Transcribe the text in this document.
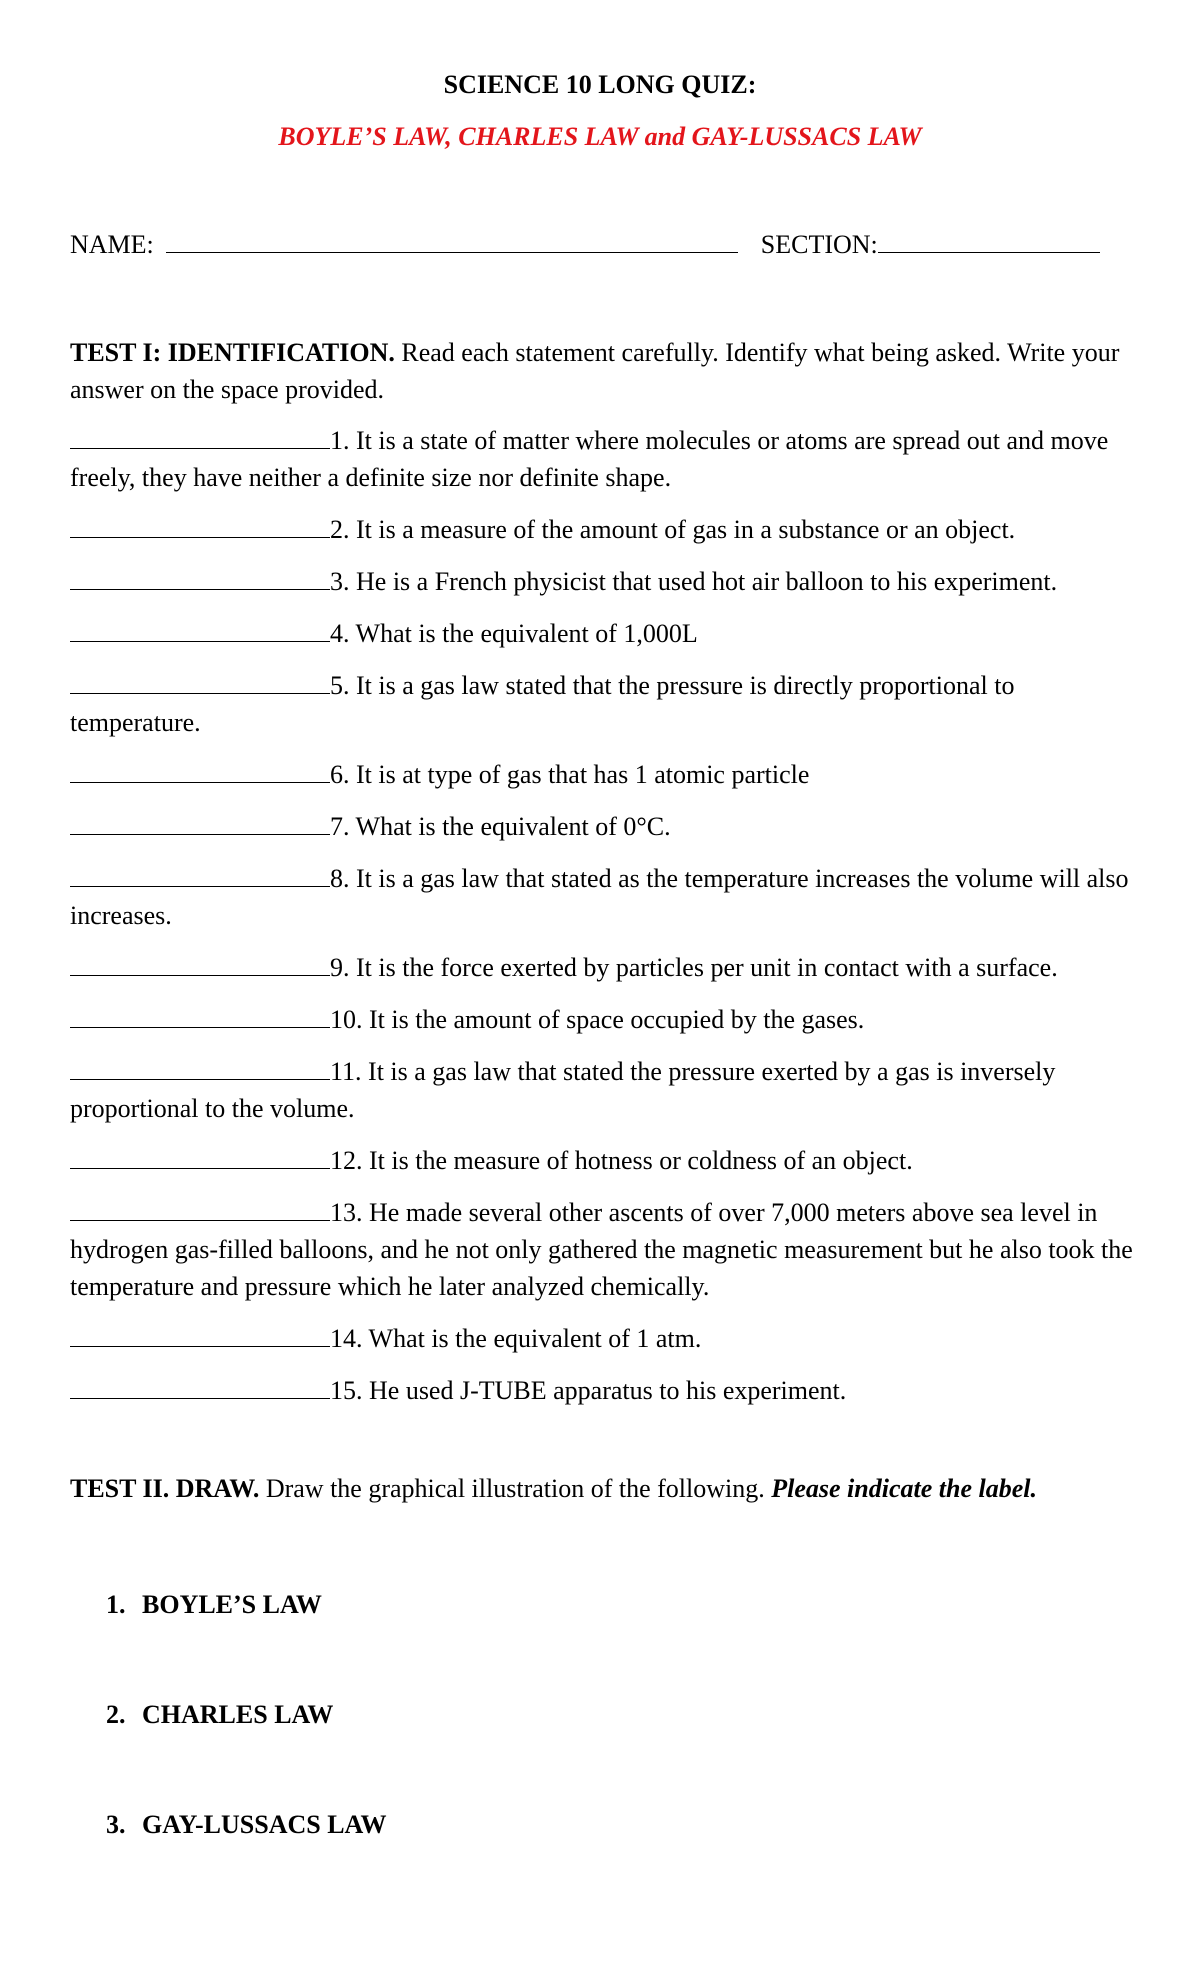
SCIENCE 10 LONG QUIZ:
BOYLE’S LAW, CHARLES LAW and GAY-LUSSACS LAW
NAME:	SECTION:
TEST I: IDENTIFICATION. Read each statement carefully. Identify what being asked. Write your answer on the space provided.

1. It is a state of matter where molecules or atoms are spread out and move freely, they have neither a definite size nor definite shape.

2. It is a measure of the amount of gas in a substance or an object.

3. He is a French physicist that used hot air balloon to his experiment.

4. What is the equivalent of 1,000L

5. It is a gas law stated that the pressure is directly proportional to temperature.

6. It is at type of gas that has 1 atomic particle

7. What is the equivalent of 0°C.

8. It is a gas law that stated as the temperature increases the volume will also increases.

9. It is the force exerted by particles per unit in contact with a surface.

10. It is the amount of space occupied by the gases.

11. It is a gas law that stated the pressure exerted by a gas is inversely proportional to the volume.

12. It is the measure of hotness or coldness of an object.

13. He made several other ascents of over 7,000 meters above sea level in hydrogen gas-filled balloons, and he not only gathered the magnetic measurement but he also took the temperature and pressure which he later analyzed chemically.

14. What is the equivalent of 1 atm.

15. He used J-TUBE apparatus to his experiment.

TEST II. DRAW. Draw the graphical illustration of the following. Please indicate the label.
1. BOYLE’S LAW
2. CHARLES LAW
3. GAY-LUSSACS LAW
